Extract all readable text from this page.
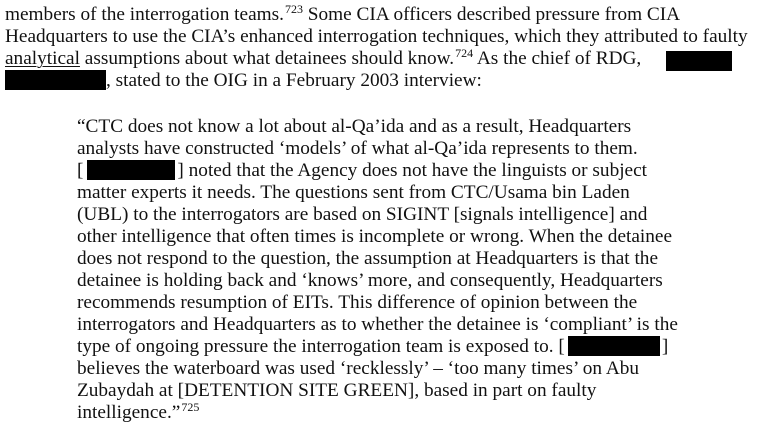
members of the interrogation teams.$^{723}$ Some CIA officers described pressure from CIA
Headquarters to use the CIA’s enhanced interrogation techniques, which they attributed to faulty
analytical assumptions about what detainees should know.$^{724}$ As the chief of RDG,
, stated to the OIG in a February 2003 interview:
“CTC does not know a lot about al-Qa’ida and as a result, Headquarters
analysts have constructed ‘models’ of what al-Qa’ida represents to them.
[	] noted that the Agency does not have the linguists or subject
matter experts it needs. The questions sent from CTC/Usama bin Laden
(UBL) to the interrogators are based on SIGINT [signals intelligence] and
other intelligence that often times is incomplete or wrong. When the detainee
does not respond to the question, the assumption at Headquarters is that the
detainee is holding back and ‘knows’ more, and consequently, Headquarters
recommends resumption of EITs. This difference of opinion between the
interrogators and Headquarters as to whether the detainee is ‘compliant’ is the
type of ongoing pressure the interrogation team is exposed to. [	]
believes the waterboard was used ‘recklessly’ – ‘too many times’ on Abu
Zubaydah at [DETENTION SITE GREEN], based in part on faulty
intelligence.”$^{725}$
